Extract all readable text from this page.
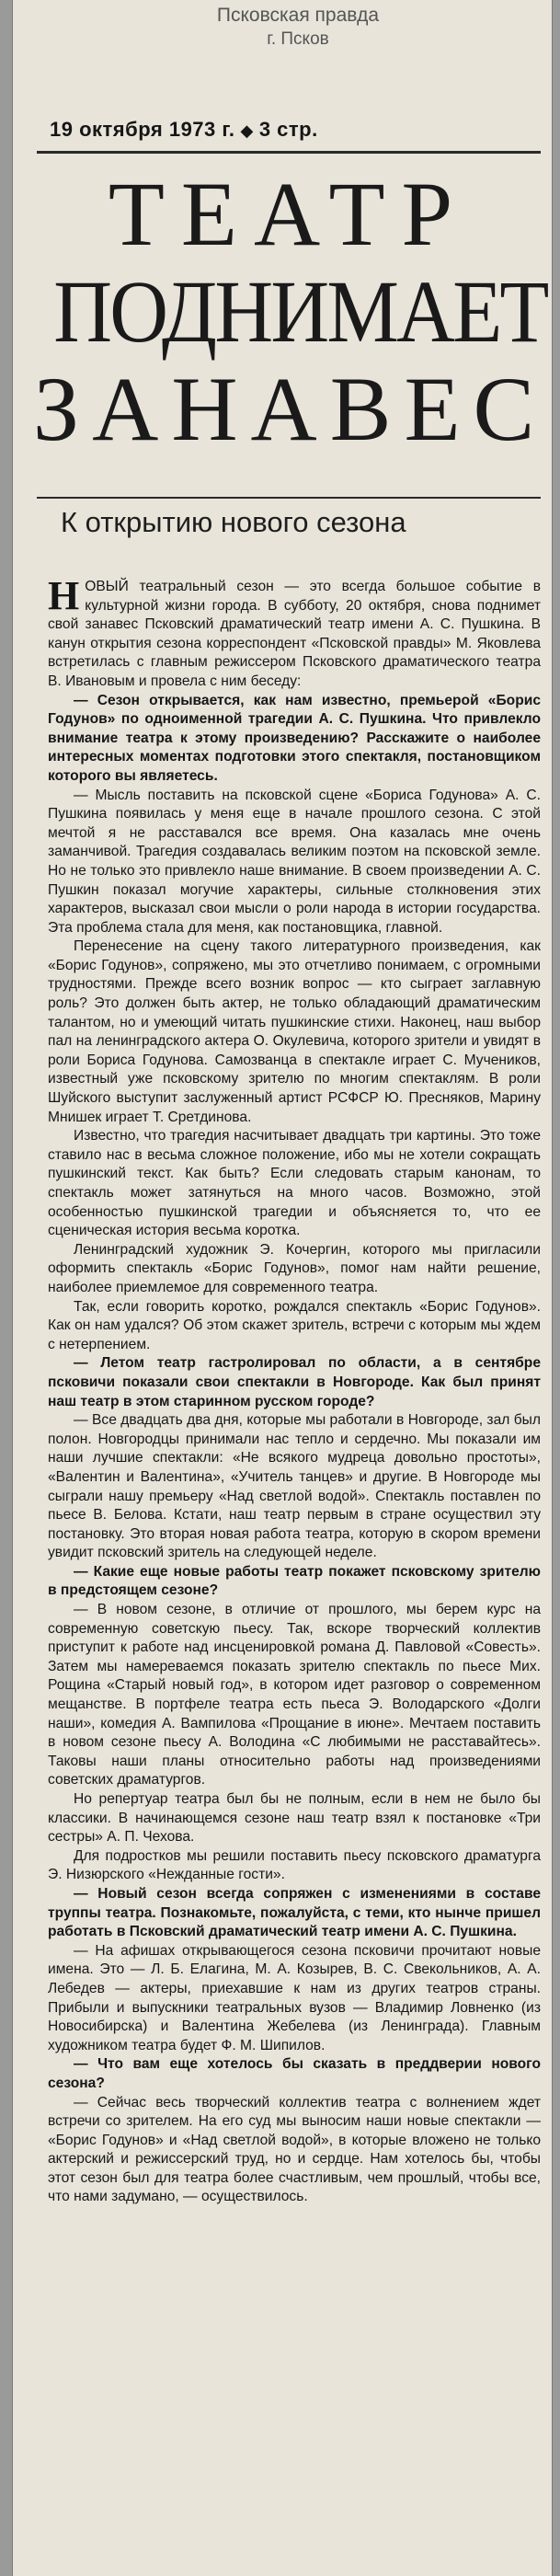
Псковская правда
г. Псков
19 октября 1973 г. ◆ 3 стр.
ТЕАТР
ПОДНИМАЕТ
ЗАНАВЕС
К открытию нового сезона

НОВЫЙ театральный сезон — это всегда большое событие в культурной жизни города. В субботу, 20 октября, снова поднимет свой занавес Псковский драматический театр имени А. С. Пушкина. В канун открытия сезона корреспондент «Псковской правды» М. Яковлева встретилась с главным режиссером Псковского драматического театра В. Ивановым и провела с ним беседу:

— Сезон открывается, как нам известно, премьерой «Борис Годунов» по одноименной трагедии А. С. Пушкина. Что привлекло внимание театра к этому произведению? Расскажите о наиболее интересных моментах подготовки этого спектакля, постановщиком которого вы являетесь.

— Мысль поставить на псковской сцене «Бориса Годунова» А. С. Пушкина появилась у меня еще в начале прошлого сезона. С этой мечтой я не расставался все время. Она казалась мне очень заманчивой. Трагедия создавалась великим поэтом на псковской земле. Но не только это привлекло наше внимание. В своем произведении А. С. Пушкин показал могучие характеры, сильные столкновения этих характеров, высказал свои мысли о роли народа в истории государства. Эта проблема стала для меня, как постановщика, главной.

Перенесение на сцену такого литературного произведения, как «Борис Годунов», сопряжено, мы это отчетливо понимаем, с огромными трудностями. Прежде всего возник вопрос — кто сыграет заглавную роль? Это должен быть актер, не только обладающий драматическим талантом, но и умеющий читать пушкинские стихи. Наконец, наш выбор пал на ленинградского актера О. Окулевича, которого зрители и увидят в роли Бориса Годунова. Самозванца в спектакле играет С. Мучеников, известный уже псковскому зрителю по многим спектаклям. В роли Шуйского выступит заслуженный артист РСФСР Ю. Пресняков, Марину Мнишек играет Т. Сретдинова.

Известно, что трагедия насчитывает двадцать три картины. Это тоже ставило нас в весьма сложное положение, ибо мы не хотели сокращать пушкинский текст. Как быть? Если следовать старым канонам, то спектакль может затянуться на много часов. Возможно, этой особенностью пушкинской трагедии и объясняется то, что ее сценическая история весьма коротка.

Ленинградский художник Э. Кочергин, которого мы пригласили оформить спектакль «Борис Годунов», помог нам найти решение, наиболее приемлемое для современного театра.

Так, если говорить коротко, рождался спектакль «Борис Годунов». Как он нам удался? Об этом скажет зритель, встречи с которым мы ждем с нетерпением.

— Летом театр гастролировал по области, а в сентябре псковичи показали свои спектакли в Новгороде. Как был принят наш театр в этом старинном русском городе?

— Все двадцать два дня, которые мы работали в Новгороде, зал был полон. Новгородцы принимали нас тепло и сердечно. Мы показали им наши лучшие спектакли: «Не всякого мудреца довольно простоты», «Валентин и Валентина», «Учитель танцев» и другие. В Новгороде мы сыграли нашу премьеру «Над светлой водой». Спектакль поставлен по пьесе В. Белова. Кстати, наш театр первым в стране осуществил эту постановку. Это вторая новая работа театра, которую в скором времени увидит псковский зритель на следующей неделе.

— Какие еще новые работы театр покажет псковскому зрителю в предстоящем сезоне?

— В новом сезоне, в отличие от прошлого, мы берем курс на современную советскую пьесу. Так, вскоре творческий коллектив приступит к работе над инсценировкой романа Д. Павловой «Совесть». Затем мы намереваемся показать зрителю спектакль по пьесе Мих. Рощина «Старый новый год», в котором идет разговор о современном мещанстве. В портфеле театра есть пьеса Э. Володарского «Долги наши», комедия А. Вампилова «Прощание в июне». Мечтаем поставить в новом сезоне пьесу А. Володина «С любимыми не расставайтесь». Таковы наши планы относительно работы над произведениями советских драматургов.

Но репертуар театра был бы не полным, если в нем не было бы классики. В начинающемся сезоне наш театр взял к постановке «Три сестры» А. П. Чехова.

Для подростков мы решили поставить пьесу псковского драматурга Э. Низюрского «Нежданные гости».

— Новый сезон всегда сопряжен с изменениями в составе труппы театра. Познакомьте, пожалуйста, с теми, кто нынче пришел работать в Псковский драматический театр имени А. С. Пушкина.

— На афишах открывающегося сезона псковичи прочитают новые имена. Это — Л. Б. Елагина, М. А. Козырев, В. С. Свекольников, А. А. Лебедев — актеры, приехавшие к нам из других театров страны. Прибыли и выпускники театральных вузов — Владимир Ловненко (из Новосибирска) и Валентина Жебелева (из Ленинграда). Главным художником театра будет Ф. М. Шипилов.

— Что вам еще хотелось бы сказать в преддверии нового сезона?

— Сейчас весь творческий коллектив театра с волнением ждет встречи со зрителем. На его суд мы выносим наши новые спектакли — «Борис Годунов» и «Над светлой водой», в которые вложено не только актерский и режиссерский труд, но и сердце. Нам хотелось бы, чтобы этот сезон был для театра более счастливым, чем прошлый, чтобы все, что нами задумано, — осуществилось.
